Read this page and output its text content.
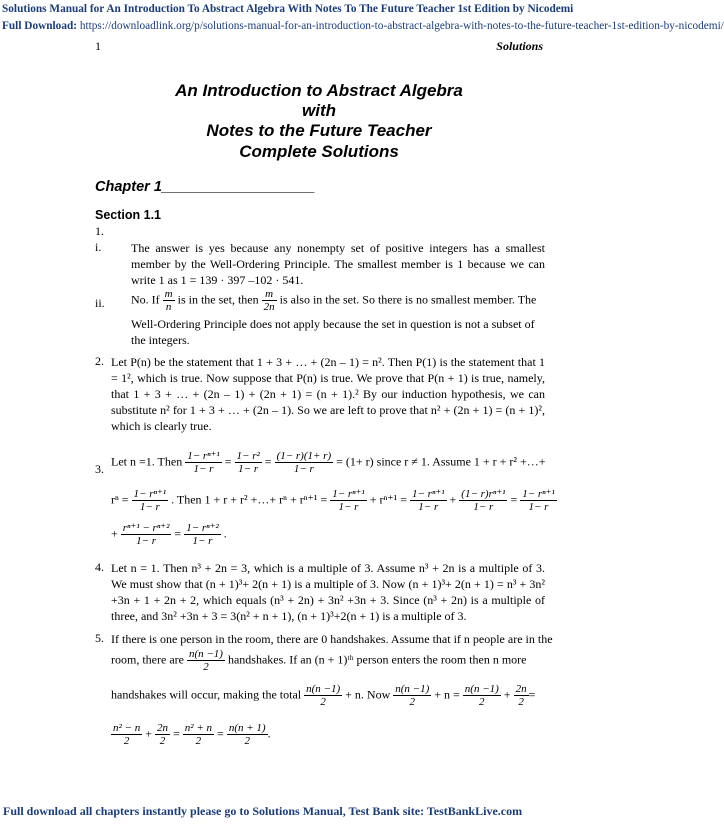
Solutions Manual for An Introduction To Abstract Algebra With Notes To The Future Teacher 1st Edition by Nicodemi
Full Download: https://downloadlink.org/p/solutions-manual-for-an-introduction-to-abstract-algebra-with-notes-to-the-future-teacher-1st-edition-by-nicodemi/
1	Solutions
An Introduction to Abstract Algebra
with
Notes to the Future Teacher
Complete Solutions
Chapter 1___________________
Section 1.1
1.
i. The answer is yes because any nonempty set of positive integers has a smallest member by the Well-Ordering Principle. The smallest member is 1 because we can write 1 as 1 = 139 · 397 –102 · 541.
ii. No. If $\frac{m}{n}$ is in the set, then $\frac{m}{2n}$ is also in the set. So there is no smallest member. The
Well-Ordering Principle does not apply because the set in question is not a subset of the integers.
2. Let P(n) be the statement that 1 + 3 + … + (2n – 1) = n². Then P(1) is the statement that 1 = 1², which is true. Now suppose that P(n) is true. We prove that P(n + 1) is true, namely, that 1 + 3 + … + (2n – 1) + (2n + 1) = (n + 1).² By our induction hypothesis, we can substitute n² for 1 + 3 + … + (2n – 1). So we are left to prove that n² + (2n + 1) = (n + 1)², which is clearly true.
3.
Let n =1. Then $\frac{\text{1− rⁿ⁺¹}}{1- r} = \frac{\text{1− r²}}{1- r} = \frac{(1- r)(1+ r)}{1- r} = (1+ r)$ since r ≠ 1. Assume 1 + r + r² +…+
$r^n = \frac{\text{1− rⁿ⁺¹}}{1- r}$ . Then 1 + r + r² +…+ $r^n + r^{n+1} = \frac{\text{1− rⁿ⁺¹}}{1- r} + r^{n+1} = \frac{\text{1− rⁿ⁺¹}}{1- r} + \frac{\text{(1− r)rⁿ⁺¹}}{1- r} = \frac{\text{1− rⁿ⁺¹}}{1- r}$
+ $\frac{\text{rⁿ⁺¹ − rⁿ⁺²}}{1- r} = \frac{\text{1− rⁿ⁺²}}{1- r}$ .
4. Let n = 1. Then n³ + 2n = 3, which is a multiple of 3. Assume n³ + 2n is a multiple of 3. We must show that (n + 1)³+ 2(n + 1) is a multiple of 3. Now (n + 1)³+ 2(n + 1) = n³ + 3n² +3n + 1 + 2n + 2, which equals (n³ + 2n) + 3n² +3n + 3. Since (n³ + 2n) is a multiple of three, and 3n² +3n + 3 = 3(n² + n + 1), (n + 1)³+2(n + 1) is a multiple of 3.
5. If there is one person in the room, there are 0 handshakes. Assume that if n people are in the
room, there are $\frac{n(n -1)}{2}$ handshakes. If an (n + 1)ᵗʰ person enters the room then n more
handshakes will occur, making the total $\frac{n(n -1)}{2} + n$. Now $\frac{n(n -1)}{2} + n = \frac{n(n -1)}{2} + \frac{2n}{2}$ =
$\frac{\text{n² − n}}{2} + \frac{2n}{2} = \frac{\text{n² + n}}{2} = \frac{n(n + 1)}{2}$ .
Full download all chapters instantly please go to Solutions Manual, Test Bank site: TestBankLive.com
